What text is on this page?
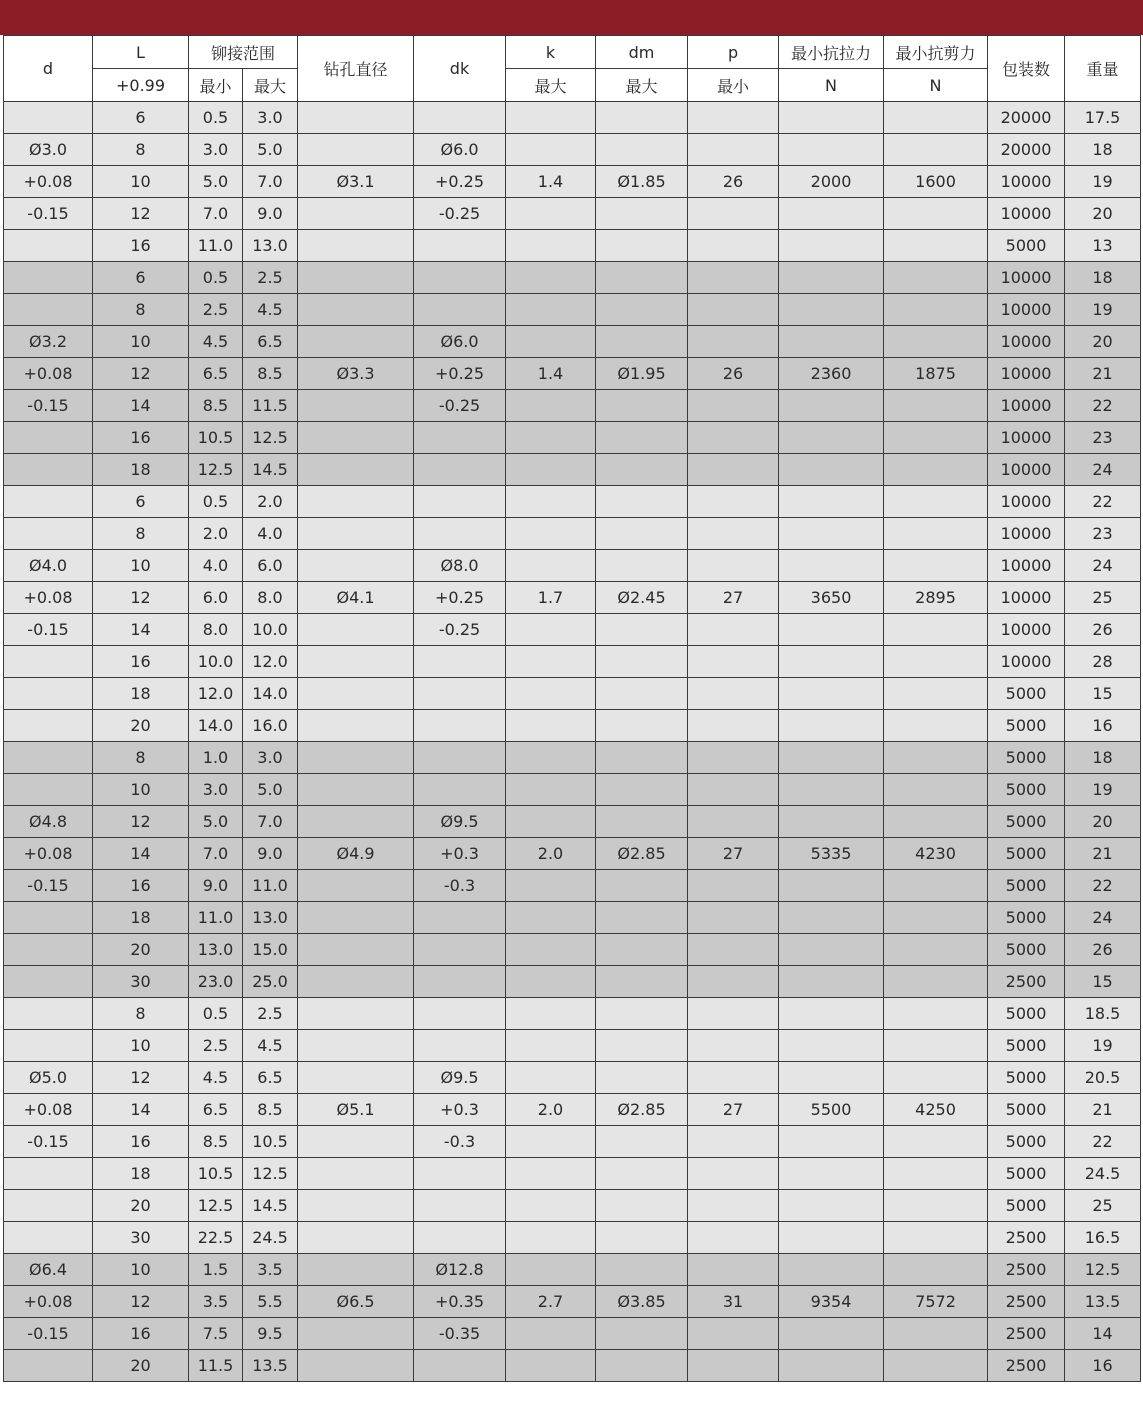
d	L	铆接范围		钻孔直径	dk	k	dm	p	最小抗拉力	最小抗剪力	包装数	重量
	+0.99	最小	最大			最大	最大	最小	N	N		
	6	0.5	3.0								20000	17.5
Ø3.0	8	3.0	5.0		Ø6.0						20000	18
+0.08	10	5.0	7.0	Ø3.1	+0.25	1.4	Ø1.85	26	2000	1600	10000	19
-0.15	12	7.0	9.0		-0.25						10000	20
	16	11.0	13.0								5000	13
	6	0.5	2.5								10000	18
	8	2.5	4.5								10000	19
Ø3.2	10	4.5	6.5		Ø6.0						10000	20
+0.08	12	6.5	8.5	Ø3.3	+0.25	1.4	Ø1.95	26	2360	1875	10000	21
-0.15	14	8.5	11.5		-0.25						10000	22
	16	10.5	12.5								10000	23
	18	12.5	14.5								10000	24
	6	0.5	2.0								10000	22
	8	2.0	4.0								10000	23
Ø4.0	10	4.0	6.0		Ø8.0						10000	24
+0.08	12	6.0	8.0	Ø4.1	+0.25	1.7	Ø2.45	27	3650	2895	10000	25
-0.15	14	8.0	10.0		-0.25						10000	26
	16	10.0	12.0								10000	28
	18	12.0	14.0								5000	15
	20	14.0	16.0								5000	16
	8	1.0	3.0								5000	18
	10	3.0	5.0								5000	19
Ø4.8	12	5.0	7.0		Ø9.5						5000	20
+0.08	14	7.0	9.0	Ø4.9	+0.3	2.0	Ø2.85	27	5335	4230	5000	21
-0.15	16	9.0	11.0		-0.3						5000	22
	18	11.0	13.0								5000	24
	20	13.0	15.0								5000	26
	30	23.0	25.0								2500	15
	8	0.5	2.5								5000	18.5
	10	2.5	4.5								5000	19
Ø5.0	12	4.5	6.5		Ø9.5						5000	20.5
+0.08	14	6.5	8.5	Ø5.1	+0.3	2.0	Ø2.85	27	5500	4250	5000	21
-0.15	16	8.5	10.5		-0.3						5000	22
	18	10.5	12.5								5000	24.5
	20	12.5	14.5								5000	25
	30	22.5	24.5								2500	16.5
Ø6.4	10	1.5	3.5		Ø12.8						2500	12.5
+0.08	12	3.5	5.5	Ø6.5	+0.35	2.7	Ø3.85	31	9354	7572	2500	13.5
-0.15	16	7.5	9.5		-0.35						2500	14
	20	11.5	13.5								2500	16
